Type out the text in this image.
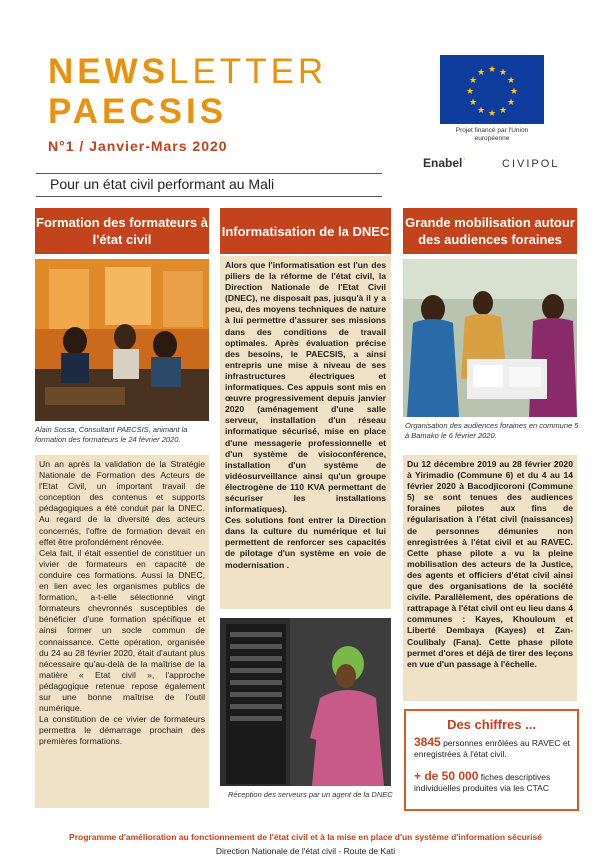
NEWSLETTER
PAECSIS
N°1 / Janvier-Mars 2020
★ ★
★
★
★
★
★
★
★
★
★
★
Projet financé par l'Union européenne
Enabel˙	CIVIPOL
Pour un état civil performant au Mali
Formation des formateurs à l'état civil
Alain Sossa, Consultant PAECSIS, animant la formation des formateurs le 24 février 2020.

Un an après la validation de la Stratégie Nationale de Formation des Acteurs de l'Etat Civil, un important travail de conception des contenus et supports pédagogiques a été conduit par la DNEC. Au regard de la diversité des acteurs concernés, l'offre de formation devait en effet être profondément rénovée.

Cela fait, il était essentiel de constituer un vivier de formateurs en capacité de conduire ces formations. Aussi la DNEC, en lien avec les organismes publics de formation, a-t-elle sélectionné vingt formateurs chevronnés susceptibles de bénéficier d'une formation spécifique et ainsi former un socle commun de connaissance. Cette opération, organisée du 24 au 28 février 2020, était d'autant plus nécessaire qu'au-delà de la maîtrise de la matière « Etat civil », l'approche pédagogique retenue repose également sur une bonne maîtrise de l'outil numérique.

La constitution de ce vivier de formateurs permettra le démarrage prochain des premières formations.

Informatisation de la DNEC

Alors que l'informatisation est l'un des piliers de la réforme de l'état civil, la Direction Nationale de l'Etat Civil (DNEC), ne disposait pas, jusqu'à il y a peu, des moyens techniques de nature à lui permettre d'assurer ses missions dans des conditions de travail optimales. Après évaluation précise des besoins, le PAECSIS, a ainsi entrepris une mise à niveau de ses infrastructures électriques et informatiques. Ces appuis sont mis en œuvre progressivement depuis janvier 2020 (aménagement d'une salle serveur, installation d'un réseau informatique sécurisé, mise en place d'une messagerie professionnelle et d'un système de visioconférence, installation d'un système de vidéosurveillance ainsi qu'un groupe électrogène de 110 KVA permettant de sécuriser les installations informatiques).

Ces solutions font entrer la Direction dans la culture du numérique et lui permettent de renforcer ses capacités de pilotage d'un système en voie de modernisation .

Réception des serveurs par un agent de la DNEC
Grande mobilisation autour des audiences foraines
Organisation des audiences foraines en commune 5 à Bamako le 6 février 2020.

Du 12 décembre 2019 au 28 février 2020 à Yirimadio (Commune 6) et du 4 au 14 février 2020 à Bacodjicoroni (Commune 5) se sont tenues des audiences foraines pilotes aux fins de régularisation à l'état civil (naissances) de personnes démunies non enregistrées à l'état civil et au RAVEC. Cette phase pilote a vu la pleine mobilisation des acteurs de la Justice, des agents et officiers d'état civil ainsi que des organisations de la société civile. Parallèlement, des opérations de rattrapage à l'état civil ont eu lieu dans 4 communes : Kayes, Khouloum et Liberté Dembaya (Kayes) et Zan-Coulibaly (Fana). Cette phase pilote permet d'ores et déjà de tirer des leçons en vue d'un passage à l'échelle.

Des chiffres ...
3845 personnes enrôlées au RAVEC et enregistrées à l'état civil.
+ de 50 000 fiches descriptives individuelles produites via les CTAC
Programme d'amélioration au fonctionnement de l'état civil et à la mise en place d'un système d'information sécurisé
Direction Nationale de l'état civil - Route de Kati
